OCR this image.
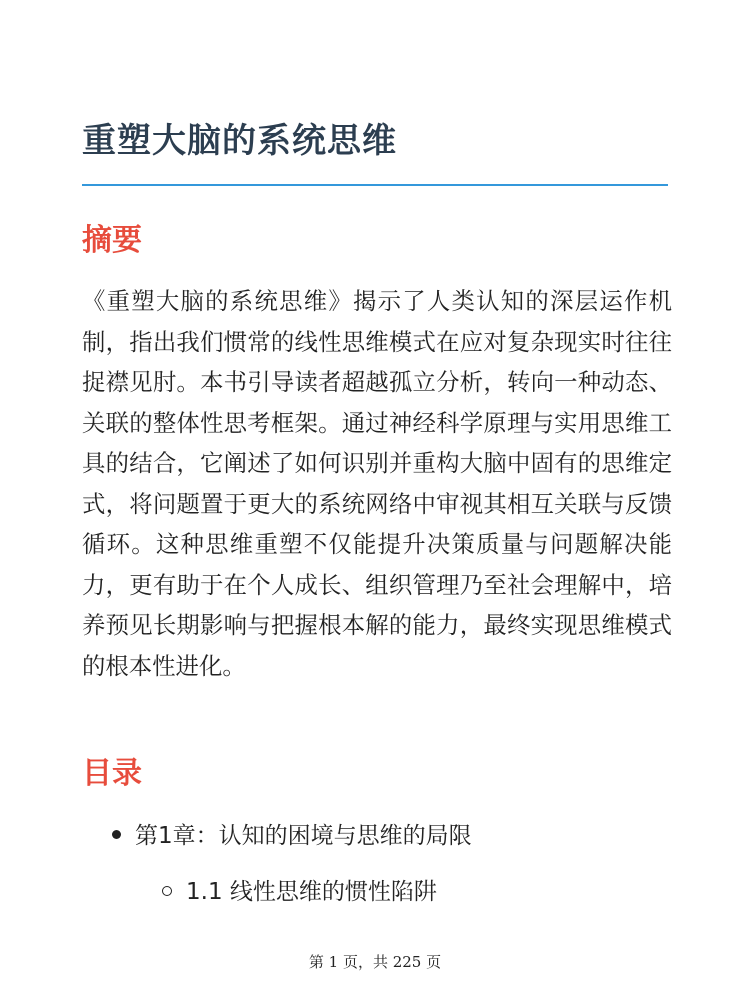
重塑大脑的系统思维
摘要

《重塑大脑的系统思维》揭示了人类认知的深层运作机制，指出我们惯常的线性思维模式在应对复杂现实时往往捉襟见肘。本书引导读者超越孤立分析，转向一种动态、关联的整体性思考框架。通过神经科学原理与实用思维工具的结合，它阐述了如何识别并重构大脑中固有的思维定式，将问题置于更大的系统网络中审视其相互关联与反馈循环。这种思维重塑不仅能提升决策质量与问题解决能力，更有助于在个人成长、组织管理乃至社会理解中，培养预见长期影响与把握根本解的能力，最终实现思维模式的根本性进化。

目录
第1章：认知的困境与思维的局限
1.1 线性思维的惯性陷阱
第 1 页，共 225 页
